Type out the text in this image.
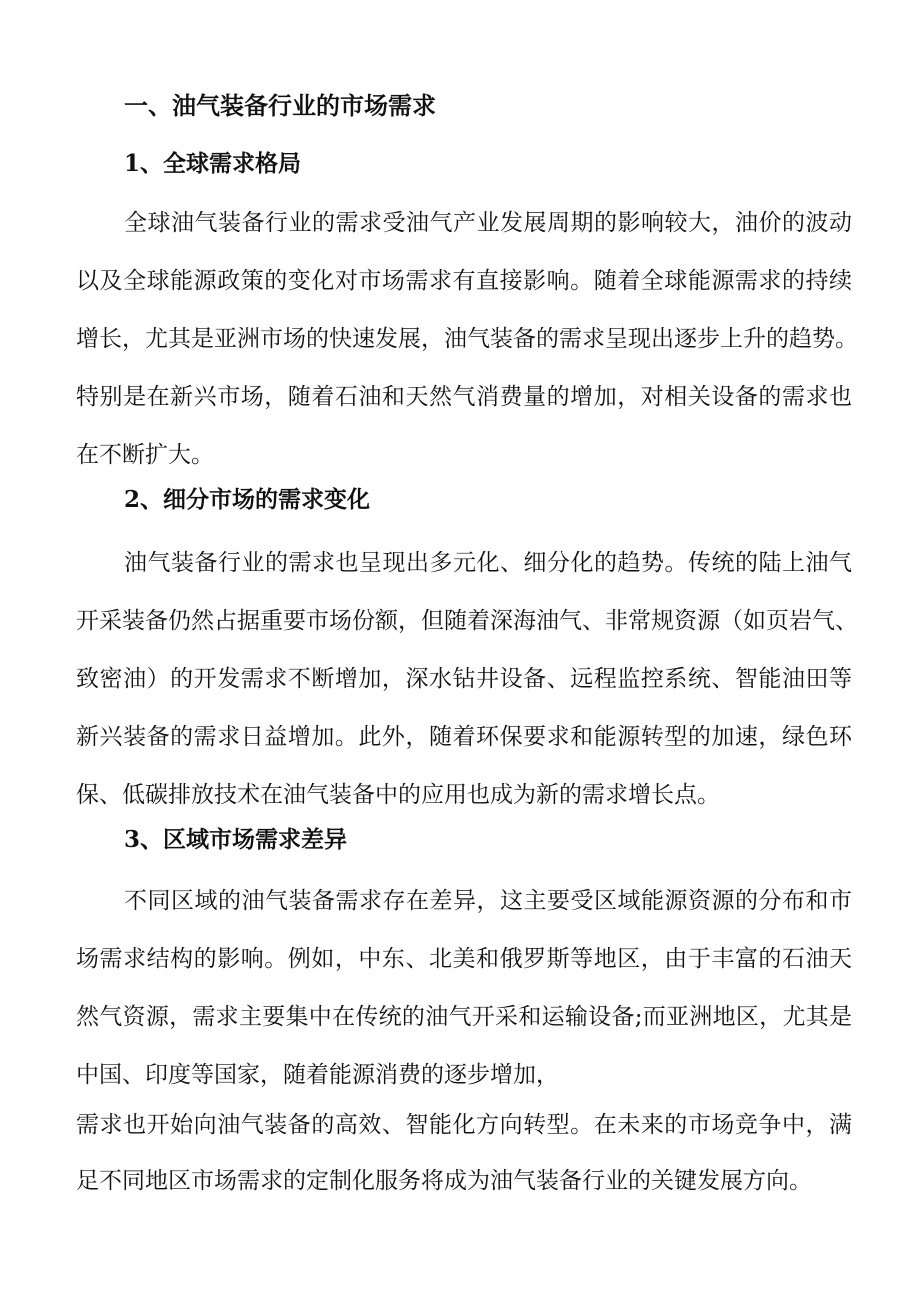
一、油气装备行业的市场需求
1、全球需求格局

全球油气装备行业的需求受油气产业发展周期的影响较大，油价的波动
以及全球能源政策的变化对市场需求有直接影响。随着全球能源需求的持续
增长，尤其是亚洲市场的快速发展，油气装备的需求呈现出逐步上升的趋势。
特别是在新兴市场，随着石油和天然气消费量的增加，对相关设备的需求也
在不断扩大。

2、细分市场的需求变化

油气装备行业的需求也呈现出多元化、细分化的趋势。传统的陆上油气
开采装备仍然占据重要市场份额，但随着深海油气、非常规资源（如页岩气、
致密油）的开发需求不断增加，深水钻井设备、远程监控系统、智能油田等
新兴装备的需求日益增加。此外，随着环保要求和能源转型的加速，绿色环
保、低碳排放技术在油气装备中的应用也成为新的需求增长点。

3、区域市场需求差异

不同区域的油气装备需求存在差异，这主要受区域能源资源的分布和市
场需求结构的影响。例如，中东、北美和俄罗斯等地区，由于丰富的石油天
然气资源，需求主要集中在传统的油气开采和运输设备;而亚洲地区，尤其是
中国、印度等国家，随着能源消费的逐步增加，

需求也开始向油气装备的高效、智能化方向转型。在未来的市场竞争中，满
足不同地区市场需求的定制化服务将成为油气装备行业的关键发展方向。
